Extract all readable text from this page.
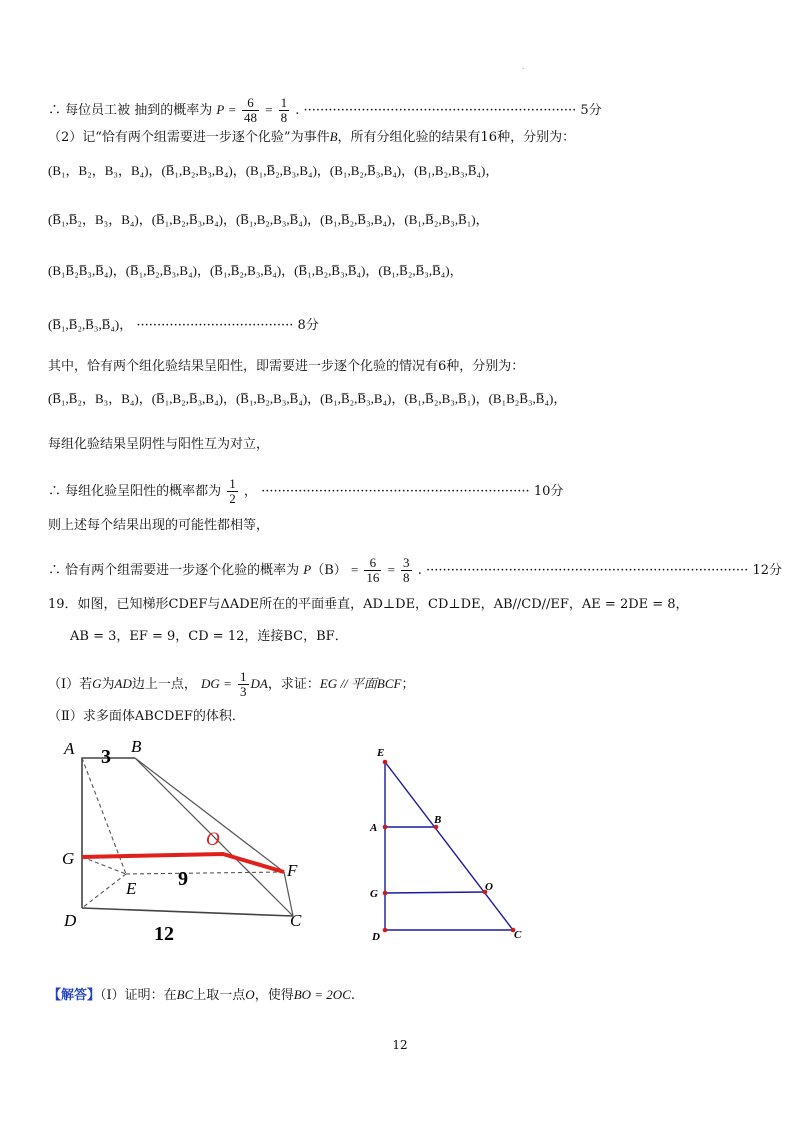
.
∴ 每位员工被 抽到的概率为 $P = \frac{6}{48} = \frac{1}{8}$ . ·································································· 5分
（2）记“恰有两个组需要进一步逐个化验”为事件B，所有分组化验的结果有16种，分别为：
(B₁，B₂，B₃，B₄)，(B̅₁,B₂,B₃,B₄)，(B₁,B̅₂,B₃,B₄)，(B₁,B₂,B̅₃,B₄)，(B₁,B₂,B₃,B̅₄)，
(B̅₁,B̅₂，B₃，B₄)，(B̅₁,B₂,B̅₃,B₄)，(B̅₁,B₂,B₃,B̅₄)，(B₁,B̅₂,B̅₃,B₄)，(B₁,B̅₂,B₃,B̅₁)，
(B₁B̅₂B̅₃,B̅₄)，(B̅₁,B̅₂,B̅₃,B₄)，(B̅₁,B̅₂,B₃,B̅₄)，(B̅₁,B₂,B̅₃,B̅₄)，(B₁,B̅₂,B̅₃,B̅₄)，
(B̅₁,B̅₂,B̅₃,B̅₄)， ······································ 8分
其中，恰有两个组化验结果呈阳性，即需要进一步逐个化验的情况有6种，分别为：
(B̅₁,B̅₂，B₃，B₄)，(B̅₁,B₂,B̅₃,B₄)，(B̅₁,B₂,B₃,B̅₄)，(B₁,B̅₂,B̅₃,B₄)，(B₁,B̅₂,B₃,B̅₁)，(B₁B₂B̅₃,B̅₄)，
每组化验结果呈阴性与阳性互为对立，
∴ 每组化验呈阳性的概率都为 $\frac{1}{2}$ ， ································································· 10分
则上述每个结果出现的可能性都相等，
∴ 恰有两个组需要进一步逐个化验的概率为 $P(B) = \frac{6}{16} = \frac{3}{8}$ . ·············································································· 12分
19．如图，已知梯形CDEF与ΔADE所在的平面垂直，AD⊥DE，CD⊥DE，AB//CD//EF，AE = 2DE = 8，
AB = 3，EF = 9，CD = 12，连接BC，BF．
（Ⅰ）若G为AD边上一点， DG = $\frac{1}{3}$ DA，求证：EG // 平面BCF；
（Ⅱ）求多面体ABCDEF的体积．
A 3 B
O
G
E 9	F
D	C
12
E
A
B
G
O
D	C
【解答】（Ⅰ）证明：在BC上取一点O，使得BO = 2OC.
12
